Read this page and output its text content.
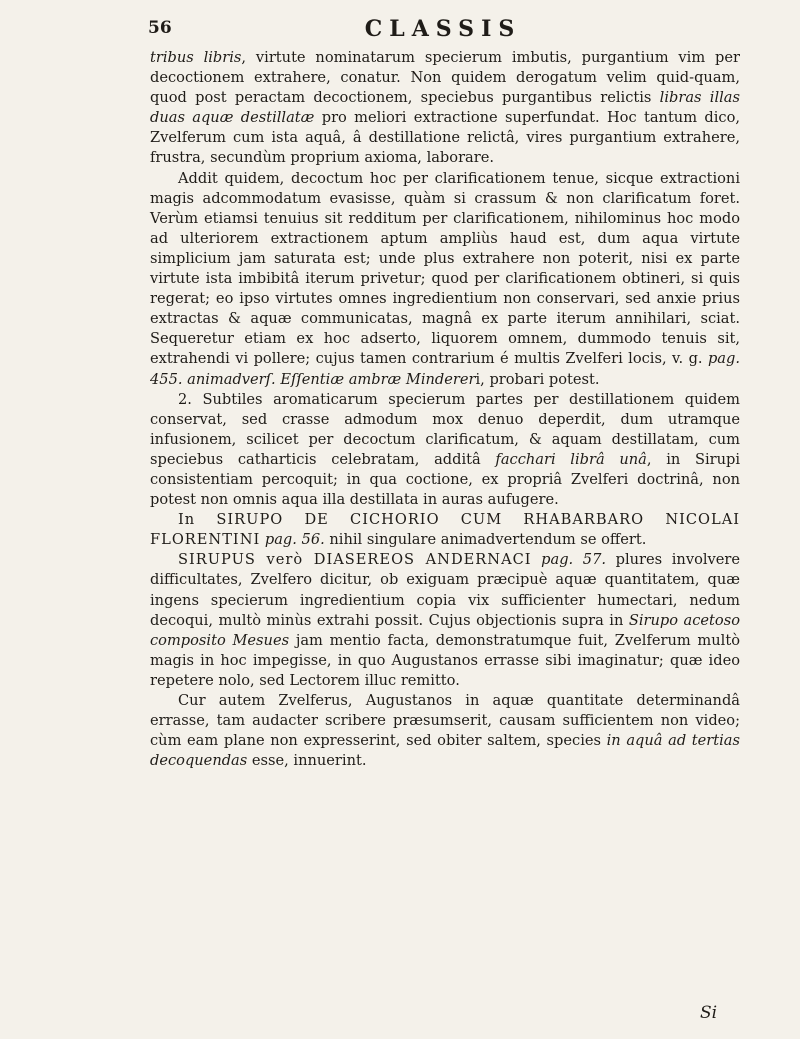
56	CLASSIS

tribus libris, virtute nominatarum specierum imbutis, purgantium vim per decoctionem extrahere, conatur. Non quidem derogatum velim quid-quam, quod post peractam decoctionem, speciebus purgantibus relictis libras illas duas aquæ destillatæ pro meliori extractione superfundat. Hoc tantum dico, Zvelferum cum ista aquâ, â destillatione relictâ, vires purgantium extrahere, frustra, secundùm proprium axioma, laborare.

Addit quidem, decoctum hoc per clarificationem tenue, sicque extractioni magis adcommodatum evasisse, quàm si crassum & non clarificatum foret. Verùm etiamsi tenuius sit redditum per clarificationem, nihilominus hoc modo ad ulteriorem extractionem aptum ampliùs haud est, dum aqua virtute simplicium jam saturata est; unde plus extrahere non poterit, nisi ex parte virtute ista imbibitâ iterum privetur; quod per clarificationem obtineri, si quis regerat; eo ipso virtutes omnes ingredientium non conservari, sed anxie prius extractas & aquæ communicatas, magnâ ex parte iterum annihilari, sciat. Sequeretur etiam ex hoc adserto, liquorem omnem, dummodo tenuis sit, extrahendi vi pollere; cujus tamen contrarium é multis Zvelferi locis, v. g. pag. 455. animadverſ. Eſſentiæ ambræ Mindereri, probari potest.

2. Subtiles aromaticarum specierum partes per destillationem quidem conservat, sed crasse admodum mox denuo deperdit, dum utramque infusionem, scilicet per decoctum clarificatum, & aquam destillatam, cum speciebus catharticis celebratam, additâ facchari librâ unâ, in Sirupi consistentiam percoquit; in qua coctione, ex propriâ Zvelferi doctrinâ, non potest non omnis aqua illa destillata in auras aufugere.

In SIRUPO DE CICHORIO CUM RHABARBARO NICOLAI FLORENTINI pag. 56. nihil singulare animadvertendum se offert.

SIRUPUS verò DIASEREOS ANDERNACI pag. 57. plures involvere difficultates, Zvelfero dicitur, ob exiguam præcipuè aquæ quantitatem, quæ ingens specierum ingredientium copia vix sufficienter humectari, nedum decoqui, multò minùs extrahi possit. Cujus objectionis supra in Sirupo acetoso composito Mesues jam mentio facta, demonstratumque fuit, Zvelferum multò magis in hoc impegisse, in quo Augustanos errasse sibi imaginatur; quæ ideo repetere nolo, sed Lectorem illuc remitto.

Cur autem Zvelferus, Augustanos in aquæ quantitate determinandâ errasse, tam audacter scribere præsumserit, causam sufficientem non video; cùm eam plane non expresserint, sed obiter saltem, species in aquâ ad tertias decoquendas esse, innuerint.

Si
